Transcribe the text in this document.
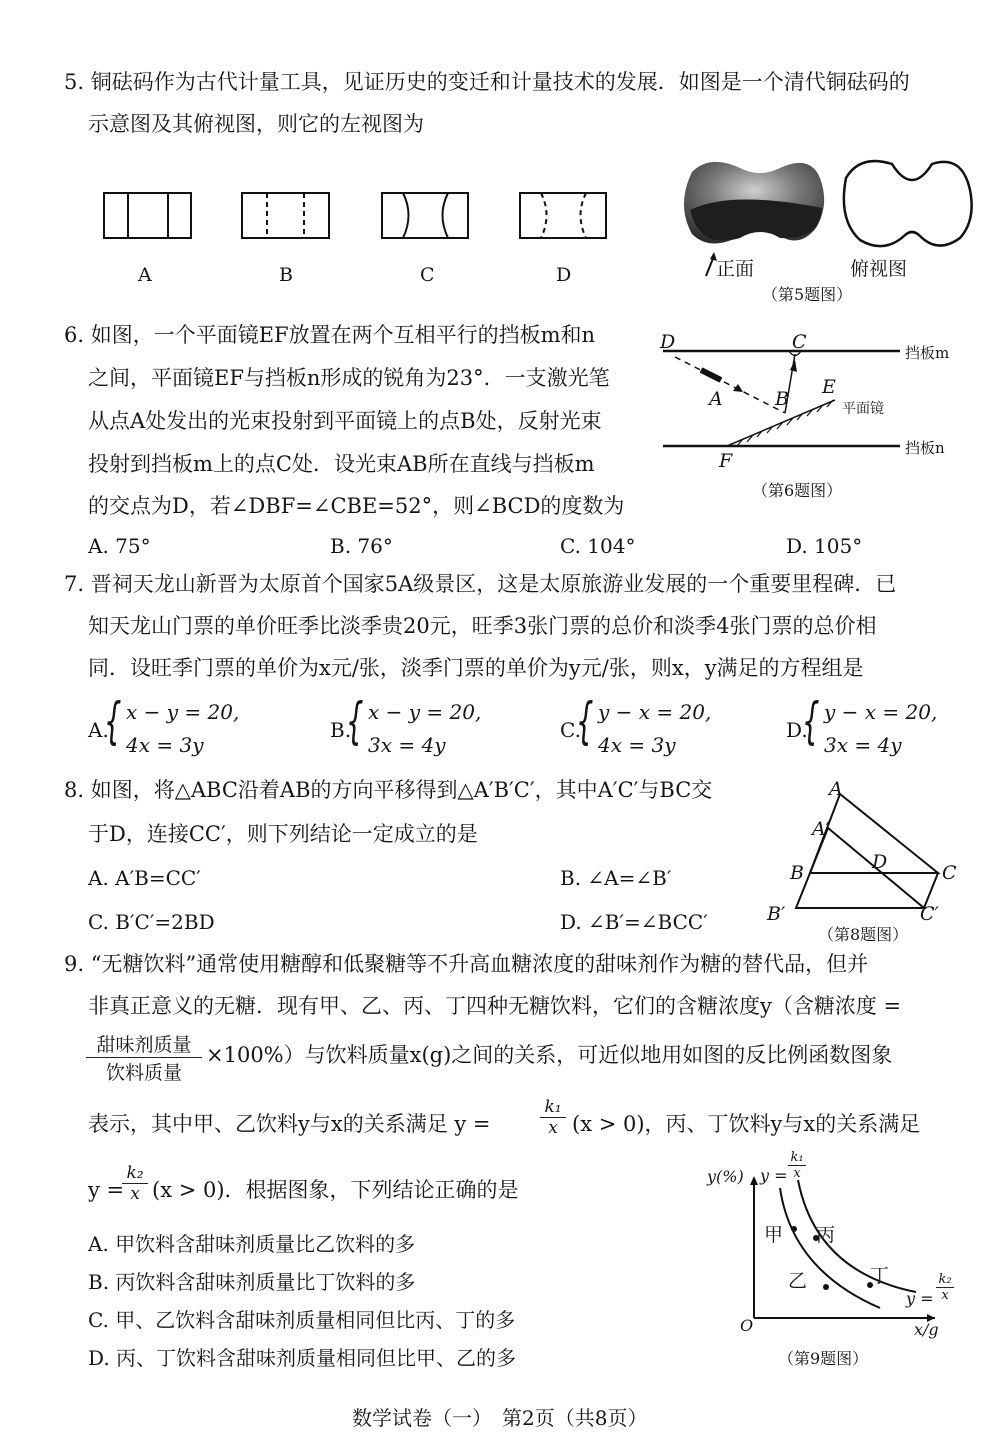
5. 铜砝码作为古代计量工具，见证历史的变迁和计量技术的发展．如图是一个清代铜砝码的
示意图及其俯视图，则它的左视图为
A	B	C	D	正面	俯视图
（第5题图）
6. 如图，一个平面镜EF放置在两个互相平行的挡板m和n
之间，平面镜EF与挡板n形成的锐角为23°．一支激光笔
从点A处发出的光束投射到平面镜上的点B处，反射光束
投射到挡板m上的点C处．设光束AB所在直线与挡板m
的交点为D，若∠DBF=∠CBE=52°，则∠BCD的度数为
D	C
A	B
E
F
平面镜
挡板m
挡板n
（第6题图）
A. 75°	B. 76°	C. 104°	D. 105°
7. 晋祠天龙山新晋为太原首个国家5A级景区，这是太原旅游业发展的一个重要里程碑．已
知天龙山门票的单价旺季比淡季贵20元，旺季3张门票的总价和淡季4张门票的总价相
同．设旺季门票的单价为x元/张，淡季门票的单价为y元/张，则x，y满足的方程组是
A.
{ x − y = 20,
4x = 3y
B.
{ x − y = 20,
3x = 4y
C.
{ y − x = 20,
4x = 3y
D.
{ y − x = 20,
3x = 4y
8. 如图，将△ABC沿着AB的方向平移得到△A′B′C′，其中A′C′与BC交
于D，连接CC′，则下列结论一定成立的是
A. A′B=CC′	B. ∠A=∠B′
C. B′C′=2BD	D. ∠B′=∠BCC′
A
A′
B	D	C
B′	C′
（第8题图）
9. “无糖饮料”通常使用糖醇和低聚糖等不升高血糖浓度的甜味剂作为糖的替代品，但并
非真正意义的无糖．现有甲、乙、丙、丁四种无糖饮料，它们的含糖浓度y（含糖浓度 =
甜味剂质量
饮料质量
×100%）与饮料质量x(g)之间的关系，可近似地用如图的反比例函数图象
表示，其中甲、乙饮料y与x的关系满足 y =	$\frac{\text{k₁}}{x} (x > 0)$，丙、丁饮料y与x的关系满足
y =
$\frac{\text{k₂}}{x} (x > 0)$．根据图象，下列结论正确的是
A. 甲饮料含甜味剂质量比乙饮料的多
B. 丙饮料含甜味剂质量比丁饮料的多
C. 甲、乙饮料含甜味剂质量相同但比丙、丁的多
D. 丙、丁饮料含甜味剂质量相同但比甲、乙的多
y(%) $y = \frac{\text{k₁}}{x}$
甲 丙
乙	丁
$y = \frac{\text{k₂}}{x}$
O	x/g
（第9题图）
数学试卷（一）　第2页（共8页）
